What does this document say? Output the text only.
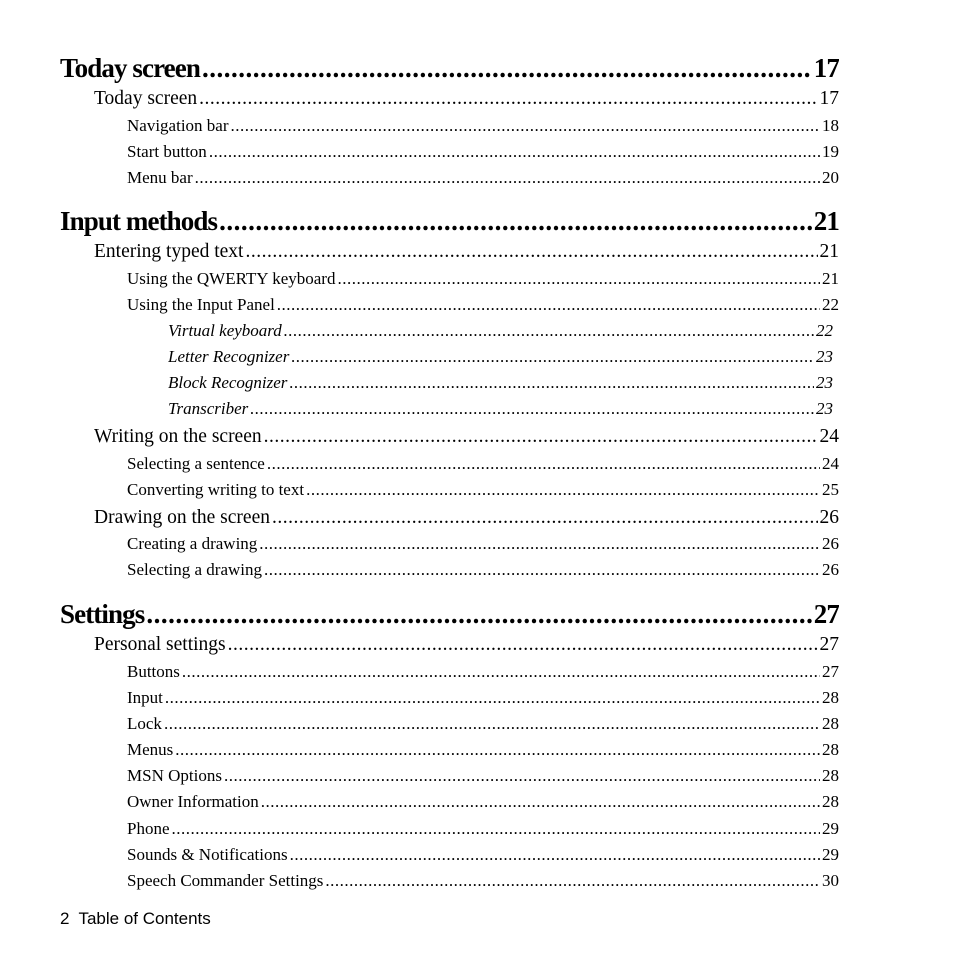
Today screen .....	17
Today screen .....	17
Navigation bar .....	18
Start button .....	19
Menu bar .....	20
Input methods .....	21
Entering typed text .....	21
Using the QWERTY keyboard .....	21
Using the Input Panel .....	22
Virtual keyboard .....	22
Letter Recognizer .....	23
Block Recognizer .....	23
Transcriber .....	23
Writing on the screen .....	24
Selecting a sentence .....	24
Converting writing to text .....	25
Drawing on the screen .....	26
Creating a drawing .....	26
Selecting a drawing .....	26
Settings .....	27
Personal settings .....	27
Buttons .....	27
Input .....	28
Lock .....	28
Menus .....	28
MSN Options .....	28
Owner Information .....	28
Phone .....	29
Sounds & Notifications .....	29
Speech Commander Settings .....	30
2 Table of Contents
